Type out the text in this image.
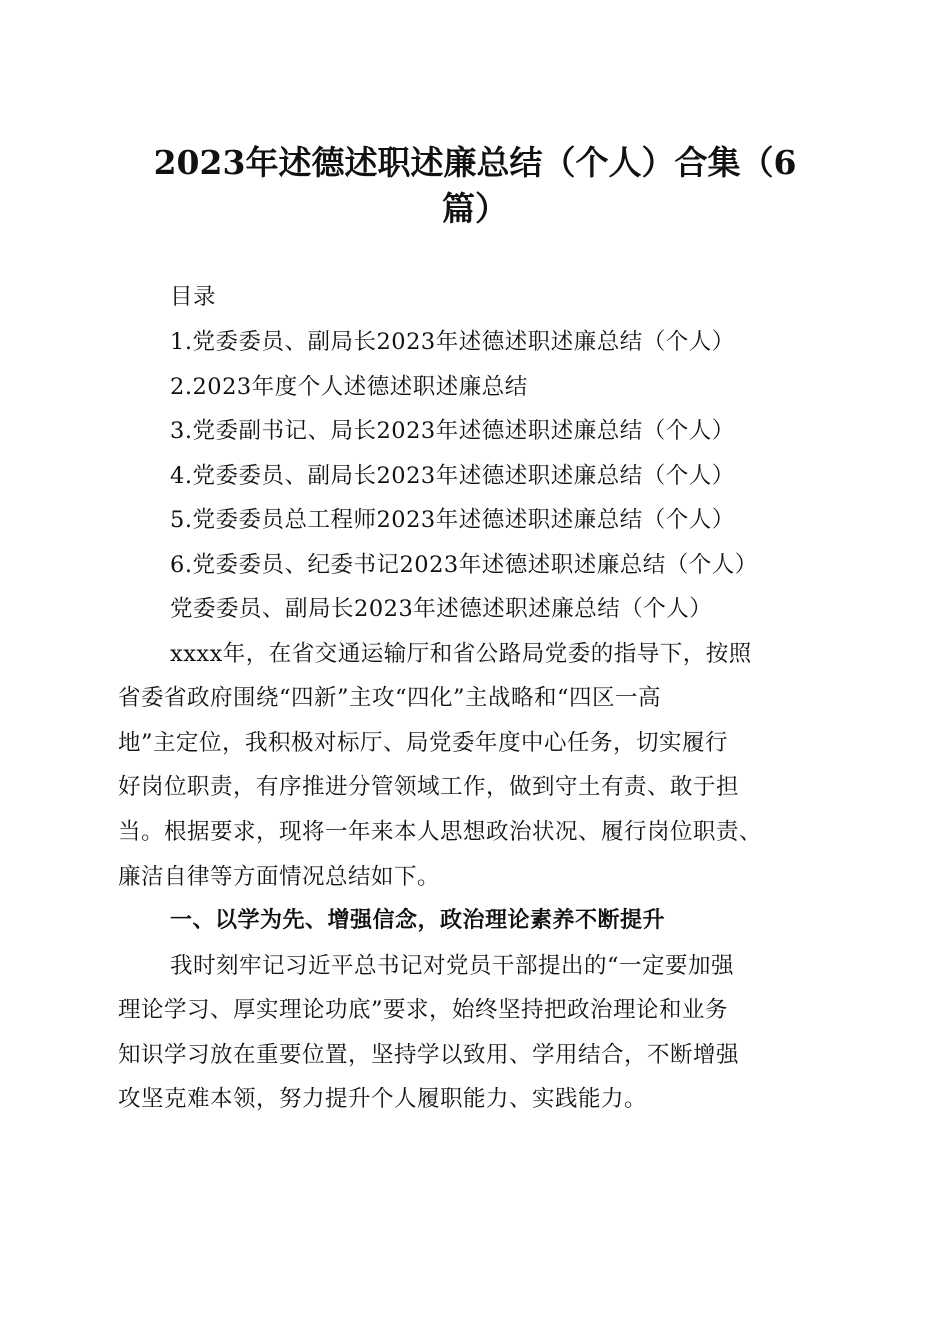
2023年述德述职述廉总结（个人）合集（6
篇）
目录
1.党委委员、副局长2023年述德述职述廉总结（个人）
2.2023年度个人述德述职述廉总结
3.党委副书记、局长2023年述德述职述廉总结（个人）
4.党委委员、副局长2023年述德述职述廉总结（个人）
5.党委委员总工程师2023年述德述职述廉总结（个人）
6.党委委员、纪委书记2023年述德述职述廉总结（个人）
党委委员、副局长2023年述德述职述廉总结（个人）
xxxx年，在省交通运输厅和省公路局党委的指导下，按照
省委省政府围绕“四新”主攻“四化”主战略和“四区一高
地”主定位，我积极对标厅、局党委年度中心任务，切实履行
好岗位职责，有序推进分管领域工作，做到守土有责、敢于担
当。根据要求，现将一年来本人思想政治状况、履行岗位职责、
廉洁自律等方面情况总结如下。
一、以学为先、增强信念，政治理论素养不断提升
我时刻牢记习近平总书记对党员干部提出的“一定要加强
理论学习、厚实理论功底”要求，始终坚持把政治理论和业务
知识学习放在重要位置，坚持学以致用、学用结合，不断增强
攻坚克难本领，努力提升个人履职能力、实践能力。
